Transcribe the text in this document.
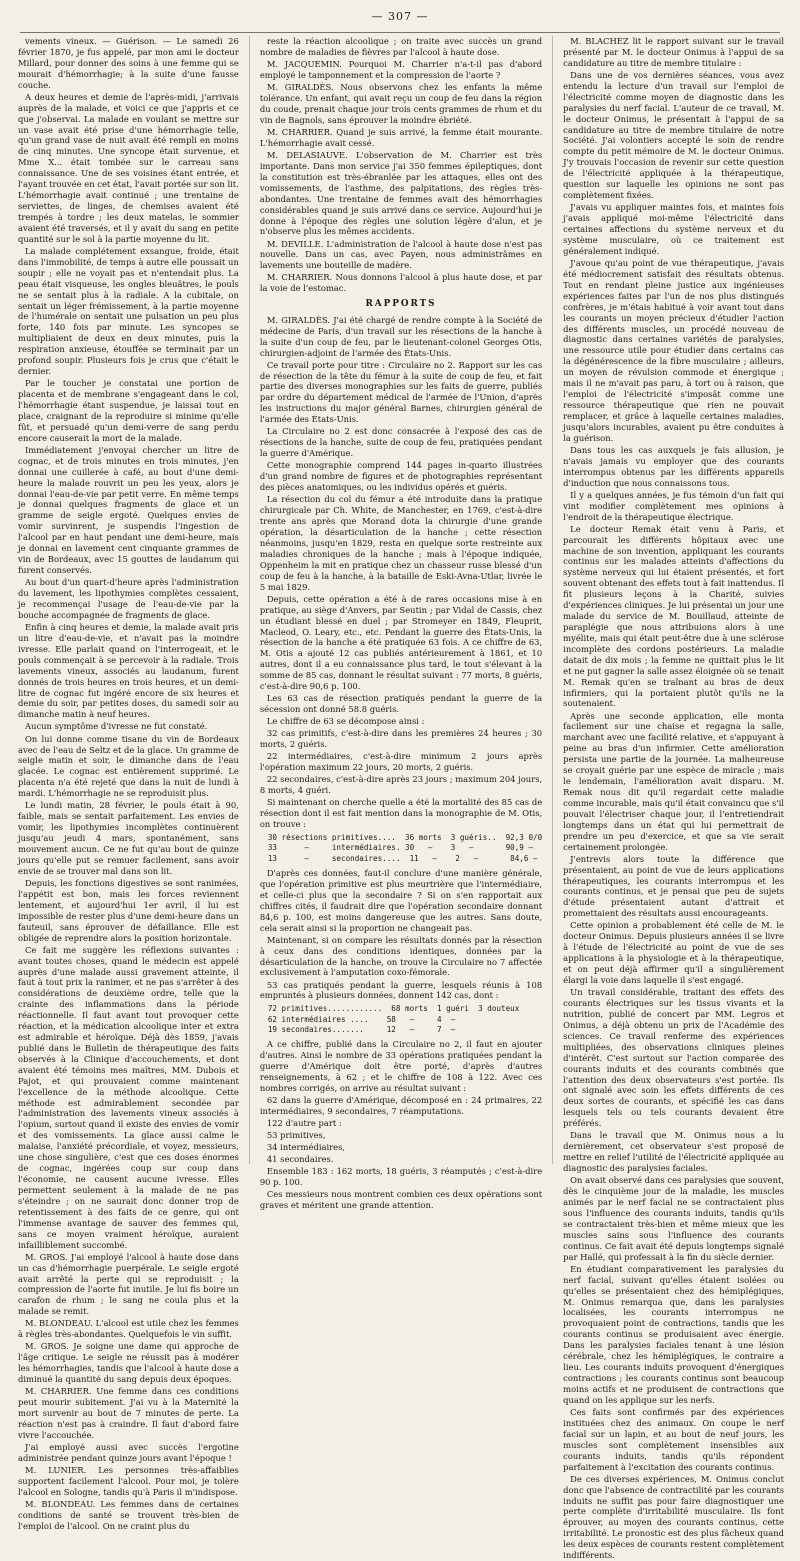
— 307 —

vements vineux. — Guérison. — Le samedi 26 février 1870, je fus appelé, par mon ami le docteur Millard, pour donner des soins à une femme qui se mourait d'hémorrhagie; à la suite d'une fausse couche.

A deux heures et demie de l'après-midi, j'arrivais auprès de la malade, et voici ce que j'appris et ce que j'observai. La malade en voulant se mettre sur un vase avait été prise d'une hémorrhagie telle, qu'un grand vase de nuit avait été rempli en moins de cinq minutes. Une syncope était survenue, et Mme X... était tombée sur le carreau sans connaissance. Une de ses voisines étant entrée, et l'ayant trouvée en cet état, l'avait portée sur son lit. L'hémorrhagie avait continué ; une trentaine de serviettes, de linges, de chemises avaient été trempés à tordre ; les deux matelas, le sommier avaient été traversés, et il y avait du sang en petite quantité sur le sol à la partie moyenne du lit.

La malade complétement exsangue, froide, était dans l'immobilité, de temps à autre elle poussait un soupir ; elle ne voyait pas et n'entendait plus. La peau était visqueuse, les ongles bleuâtres, le pouls ne se sentait plus à la radiale. A la cubitale, on sentait un léger frémissement, à la partie moyenne de l'humérale on sentait une pulsation un peu plus forte, 140 fois par minute. Les syncopes se multipliaient de deux en deux minutes, puis la respiration anxieuse, étouffée se terminait par un profond soupir. Plusieurs fois je crus que c'était le dernier.

Par le toucher je constatai une portion de placenta et de membrane s'engageant dans le col, l'hémorrhagie étant suspendue, je laissai tout en place, craignant de la reproduire si minime qu'elle fût, et persuadé qu'un demi-verre de sang perdu encore causerait la mort de la malade.

Immédiatement j'envoyai chercher un litre de cognac, et de trois minutes en trois minutes, j'en donnai une cuillerée à café, au bout d'une demi-heure la malade rouvrit un peu les yeux, alors je donnai l'eau-de-vie par petit verre. En même temps je donnai quelques fragments de glace et un gramme de seigle ergoté. Quelques envies de vomir survinrent, je suspendis l'ingestion de l'alcool par en haut pendant une demi-heure, mais je donnai en lavement cent cinquante grammes de vin de Bordeaux, avec 15 gouttes de laudanum qui furent conservés.

Au bout d'un quart-d'heure après l'administration du lavement, les lipothymies complètes cessaient, je recommençai l'usage de l'eau-de-vie par la bouche accompagnée de fragments de glace.

Enfin à cinq heures et demie, la malade avait pris un litre d'eau-de-vie, et n'avait pas la moindre ivresse. Elle parlait quand on l'interrogeait, et le pouls commençait à se percevoir à la radiale. Trois lavements vineux, associés au laudanum, furent donnés de trois heures en trois heures, et un demi-litre de cognac fut ingéré encore de six heures et demie du soir, par petites doses, du samedi soir au dimanche matin à neuf heures.

Aucun symptôme d'ivresse ne fut constaté.

On lui donne comme tisane du vin de Bordeaux avec de l'eau de Seltz et de la glace. Un gramme de seigle matin et soir, le dimanche dans de l'eau glacée. Le cognac est entièrement supprimé. Le placenta n'a été rejeté que dans la nuit de lundi à mardi. L'hémorrhagie ne se reproduisit plus.

Le lundi matin, 28 février, le pouls était à 90, faible, mais se sentait parfaitement. Les envies de vomir, les lipothymies incomplètes continuèrent jusqu'au jeudi 4 mars, spontanément, sans mouvement aucun. Ce ne fut qu'au bout de quinze jours qu'elle put se remuer facilement, sans avoir envie de se trouver mal dans son lit.

Depuis, les fonctions digestives se sont ranimées, l'appétit est bon, mais les forces reviennent lentement, et aujourd'hui 1er avril, il lui est impossible de rester plus d'une demi-heure dans un fauteuil, sans éprouver de défaillance. Elle est obligée de reprendre alors la position horizontale.

Ce fait me suggère les réflexions suivantes : avant toutes choses, quand le médecin est appelé auprès d'une malade aussi gravement atteinte, il faut à tout prix la ranimer, et ne pas s'arrêter à des considérations de deuxième ordre, telle que la crainte des inflammations dans la période réactionnelle. Il faut avant tout provoquer cette réaction, et la médication alcoolique inter et extra est admirable et héroïque. Déjà dès 1859, j'avais publié dans le Bulletin de thérapeutique des faits observés à la Clinique d'accouchements, et dont avaient été témoins mes maîtres, MM. Dubois et Pajot, et qui prouvaient comme maintenant l'excellence de la méthode alcoolique. Cette méthode est admirablement secondée par l'administration des lavements vineux associés à l'opium, surtout quand il existe des envies de vomir et des vomissements. La glace aussi calme le malaise, l'anxiété précordiale, et voyez, messieurs, une chose singulière, c'est que ces doses énormes de cognac, ingérées coup sur coup dans l'économie, ne causent aucune ivresse. Elles permettent seulement à la malade de ne pas s'éteindre ; on ne saurait donc donner trop de retentissement à des faits de ce genre, qui ont l'immense avantage de sauver des femmes qui, sans ce moyen vraiment héroïque, auraient infailliblement succombé.

M. GROS. J'ai employé l'alcool à haute dose dans un cas d'hémorrhagie puerpérale. Le seigle ergoté avait arrêté la perte qui se reproduisit ; la compression de l'aorte fut inutile. Je lui fis boire un carafon de rhum ; le sang ne coula plus et la malade se remit.

M. BLONDEAU. L'alcool est utile chez les femmes à règles très-abondantes. Quelquefois le vin suffit.

M. GROS. Je soigne une dame qui approche de l'âge critique. Le seigle ne réussit pas à modérer les hémorrhagies, tandis que l'alcool à haute dose a diminué la quantité du sang depuis deux époques.

M. CHARRIER. Une femme dans ces conditions peut mourir subitement. J'ai vu à la Maternité la mort survenir au bout de 7 minutes de perte. La réaction n'est pas à craindre. Il faut d'abord faire vivre l'accouchée.

J'ai employé aussi avec succès l'ergotine administrée pendant quinze jours avant l'époque !

M. LUNIER. Les personnes très-affaiblies supportent facilement l'alcool. Pour moi, je tolère l'alcool en Sologne, tandis qu'à Paris il m'indispose.

M. BLONDEAU. Les femmes dans de certaines conditions de santé se trouvent très-bien de l'emploi de l'alcool. On ne craint plus du

reste la réaction alcoolique ; on traite avec succès un grand nombre de maladies de fièvres par l'alcool à haute dose.

M. JACQUEMIN. Pourquoi M. Charrier n'a-t-il pas d'abord employé le tamponnement et la compression de l'aorte ?

M. GIRALDÈS. Nous observons chez les enfants la même tolérance. Un enfant, qui avait reçu un coup de feu dans la région du coude, prenait chaque jour trois cents grammes de rhum et du vin de Bagnols, sans éprouver la moindre ébriété.

M. CHARRIER. Quand je suis arrivé, la femme était mourante. L'hémorrhagie avait cessé.

M. DELASIAUVE. L'observation de M. Charrier est très importante. Dans mon service j'ai 350 femmes épileptiques, dont la constitution est très-ébranlée par les attaques, elles ont des vomissements, de l'asthme, des palpitations, des règles très-abondantes. Une trentaine de femmes avait des hémorrhagies considérables quand je suis arrivé dans ce service. Aujourd'hui je donne à l'époque des règles une solution légère d'alun, et je n'observe plus les mêmes accidents.

M. DEVILLE. L'administration de l'alcool à haute dose n'est pas nouvelle. Dans un cas, avec Payen, nous administrâmes en lavements une bouteille de madère.

M. CHARRIER. Nous donnons l'alcool à plus haute dose, et par la voie de l'estomac.

RAPPORTS

M. GIRALDÈS. J'ai été chargé de rendre compte à la Société de médecine de Paris, d'un travail sur les résections de la hanche à la suite d'un coup de feu, par le lieutenant-colonel Georges Otis, chirurgien-adjoint de l'armée des États-Unis.

Ce travail porte pour titre : Circulaire no 2. Rapport sur les cas de résection de la tête du fémur à la suite de coup de feu, et fait partie des diverses monographies sur les faits de guerre, publiés par ordre du département médical de l'armée de l'Union, d'après les instructions du major général Barnes, chirurgien général de l'armée des États-Unis.

La Circulaire no 2 est donc consacrée à l'exposé des cas de résections de la hanche, suite de coup de feu, pratiquées pendant la guerre d'Amérique.

Cette monographie comprend 144 pages in-quarto illustrées d'un grand nombre de figures et de photographies représentant des pièces anatomiques, ou les individus opérés et guéris.

La résection du col du fémur a été introduite dans la pratique chirurgicale par Ch. White, de Manchester, en 1769, c'est-à-dire trente ans après que Morand dota la chirurgie d'une grande opération, la désarticulation de la hanche ; cette résection néanmoins, jusqu'en 1829, resta en quelque sorte restreinte aux maladies chroniques de la hanche ; mais à l'époque indiquée, Oppenheim la mit en pratique chez un chasseur russe blessé d'un coup de feu à la hanche, à la bataille de Eski-Avna-Utlar, livrée le 5 mai 1829.

Depuis, cette opération a été à de rares occasions mise à en pratique, au siège d'Anvers, par Seutin ; par Vidal de Cassis, chez un étudiant blessé en duel ; par Stromeyer en 1849, Fleuprit, Macleod, O. Leary, etc., etc. Pendant la guerre des États-Unis, la résection de la hanche a été pratiquée 63 fois. A ce chiffre de 63, M. Otis a ajouté 12 cas publiés antérieurement à 1861, et 10 autres, dont il a eu connaissance plus tard, le tout s'élevant à la somme de 85 cas, donnant le résultat suivant : 77 morts, 8 guéris, c'est-à-dire 90,6 p. 100.

Les 63 cas de résection pratiqués pendant la guerre de la sécession ont donné 58.8 guéris.

Le chiffre de 63 se décompose ainsi :

32 cas primitifs, c'est-à-dire dans les premières 24 heures ; 30 morts, 2 guéris.

22 intermédiaires, c'est-à-dire minimum 2 jours après l'opération maximum 22 jours, 20 morts, 2 guéris.

22 secondaires, c'est-à-dire après 23 jours ; maximum 204 jours, 8 morts, 4 guéri.

Si maintenant on cherche quelle a été la mortalité des 85 cas de résection dont il est fait mention dans la monographie de M. Otis, on trouve :

30 résections primitives....  36 morts  3 guéris..  92,3 0/0
33      —     intermédiaires. 30   —    3   —       90,9 —
13      —     secondaires....  11   —    2   —       84,6 —

D'après ces données, faut-il conclure d'une manière générale, que l'opération primitive est plus meurtrière que l'intermédiaire, et celle-ci plus que la secondaire ? Si on s'en rapportait aux chiffres cités, il faudrait dire que l'opération secondaire donnant 84,6 p. 100, est moins dangereuse que les autres. Sans doute, cela serait ainsi si la proportion ne changeait pas.

Maintenant, si on compare les résultats donnés par la résection à ceux dans des conditions identiques, données par la désarticulation de la hanche, on trouve la Circulaire no 7 affectée exclusivement à l'amputation coxo-fémorale.

53 cas pratiqués pendant la guerre, lesquels réunis à 108 empruntés à plusieurs données, donnent 142 cas, dont :

72 primitives............  68 morts  1 guéri  3 douteux
62 intermédiaires ....    58   —     4  —
19 secondaires.......     12   —     7  —

A ce chiffre, publié dans la Circulaire no 2, il faut en ajouter d'autres. Ainsi le nombre de 33 opérations pratiquées pendant la guerre d'Amérique doit être porté, d'après d'autres renseignements, à 62 ; et le chiffre de 108 à 122. Avec ces nombres corrigés, on arrive au résultat suivant :

62 dans la guerre d'Amérique, décomposé en : 24 primaires, 22 intermédiaires, 9 secondaires, 7 réamputations.

122 d'autre part :

53 primitives,

34 intermédiaires,

41 secondaires.

Ensemble 183 : 162 morts, 18 guéris, 3 réamputés ; c'est-à-dire 90 p. 100.

Ces messieurs nous montrent combien ces deux opérations sont graves et méritent une grande attention.

M. BLACHEZ lit le rapport suivant sur le travail présenté par M. le docteur Onimus à l'appui de sa candidature au titre de membre titulaire :

Dans une de vos dernières séances, vous avez entendu la lecture d'un travail sur l'emploi de l'électricité comme moyen de diagnostic dans les paralysies du nerf facial. L'auteur de ce travail, M. le docteur Onimus, le présentait à l'appui de sa candidature au titre de membre titulaire de notre Société. J'ai volontiers accepté le soin de rendre compte du petit mémoire de M. le docteur Onimus. J'y trouvais l'occasion de revenir sur cette question de l'électricité appliquée à la thérapeutique, question sur laquelle les opinions ne sont pas complètement fixées.

J'avais vu appliquer maintes fois, et maintes fois j'avais appliqué moi-même l'électricité dans certaines affections du système nerveux et du système musculaire, où ce traitement est généralement indiqué.

J'avoue qu'au point de vue thérapeutique, j'avais été médiocrement satisfait des résultats obtenus. Tout en rendant pleine justice aux ingénieuses expériences faites par l'un de nos plus distingués confrères, je m'étais habitué à voir avant tout dans les courants un moyen précieux d'étudier l'action des différents muscles, un procédé nouveau de diagnostic dans certaines variétés de paralysies, une ressource utile pour étudier dans certains cas la dégénérescence de la fibre musculaire ; ailleurs, un moyen de révulsion commode et énergique ; mais il ne m'avait pas paru, à tort ou à raison, que l'emploi de l'électricité s'imposât comme une ressource thérapeutique que rien ne pouvait remplacer, et grâce à laquelle certaines maladies, jusqu'alors incurables, avaient pu être conduites à la guérison.

Dans tous les cas auxquels je fais allusion, je n'avais jamais vu employer que des courants interrompus obtenus par les différents appareils d'induction que nous connaissons tous.

Il y a quelques années, je fus témoin d'un fait qui vint modifier complètement mes opinions à l'endroit de la thérapeutique électrique.

Le docteur Remak était venu à Paris, et parcourait les différents hôpitaux avec une machine de son invention, appliquant les courants continus sur les malades atteints d'affections du système nerveux qui lui étaient présentés, et fort souvent obtenant des effets tout à fait inattendus. Il fit plusieurs leçons à la Charité, suivies d'expériences cliniques. Je lui présentai un jour une malade du service de M. Bouillaud, atteinte de paraplégie que nous attribuions alors à une myélite, mais qui était peut-être due à une sclérose incomplète des cordons postérieurs. La maladie datait de dix mois ; la femme ne quittait plus le lit et ne put gagner la salle assez éloignée où se tenait M. Remak qu'en se traînant au bras de deux infirmiers, qui la portaient plutôt qu'ils ne la soutenaient.

Après une seconde application, elle monta facilement sur une chaise et regagna la salle, marchant avec une facilité relative, et s'appuyant à peine au bras d'un infirmier. Cette amélioration persista une partie de la journée. La malheureuse se croyait guérie par une espèce de miracle ; mais le lendemain, l'amélioration avait disparu. M. Remak nous dit qu'il regardait cette maladie comme incurable, mais qu'il était convaincu que s'il pouvait l'électriser chaque jour, il l'entretiendrait longtemps dans un état qui lui permettrait de prendre un peu d'exercice, et que sa vie serait certainement prolongée.

J'entrevis alors toute la différence que présentaient, au point de vue de leurs applications thérapeutiques, les courants interrompus et les courants continus, et je pensai que peu de sujets d'étude présentaient autant d'attrait et promettaient des résultats aussi encourageants.

Cette opinion a probablement été celle de M. le docteur Onimus. Depuis plusieurs années il se livre à l'étude de l'électricité au point de vue de ses applications à la physiologie et à la thérapeutique, et on peut déjà affirmer qu'il a singulièrement élargi la voie dans laquelle il s'est engagé.

Un travail considérable, traitant des effets des courants électriques sur les tissus vivants et la nutrition, publié de concert par MM. Legros et Onimus, a déjà obtenu un prix de l'Académie des sciences. Ce travail renferme des expériences multipliées, des observations cliniques pleines d'intérêt. C'est surtout sur l'action comparée des courants induits et des courants combinés que l'attention des deux observateurs s'est portée. Ils ont signalé avec soin les effets différents de ces deux sortes de courants, et spécifié les cas dans lesquels tels ou tels courants devaient être préférés.

Dans le travail que M. Onimus nous a lu dernièrement, cet observateur s'est proposé de mettre en relief l'utilité de l'électricité appliquée au diagnostic des paralysies faciales.

On avait observé dans ces paralysies que souvent, dès le cinquième jour de la maladie, les muscles animés par le nerf facial ne se contractaient plus sous l'influence des courants induits, tandis qu'ils se contractaient très-bien et même mieux que les muscles sains sous l'influence des courants continus. Ce fait avait été depuis longtemps signalé par Hallé, qui professait à la fin du siècle dernier.

En étudiant comparativement les paralysies du nerf facial, suivant qu'elles étaient isolées ou qu'elles se présentaient chez des hémiplégiques, M. Onimus remarqua que, dans les paralysies localisées, les courants interrompus ne provoquaient point de contractions, tandis que les courants continus se produisaient avec énergie. Dans les paralysies faciales tenant à une lésion cérébrale, chez les hémiplégiques, le contraire a lieu. Les courants induits provoquent d'énergiques contractions ; les courants continus sont beaucoup moins actifs et ne produisent de contractions que quand on les applique sur les nerfs.

Ces faits sont confirmés par des expériences instituées chez des animaux. On coupe le nerf facial sur un lapin, et au bout de neuf jours, les muscles sont complètement insensibles aux courants induits, tandis qu'ils répondent parfaitement à l'excitation des courants continus.

De ces diverses expériences, M. Onimus conclut donc que l'absence de contractilité par les courants induits ne suffit pas pour faire diagnostiquer une perte complète d'irritabilité musculaire. Ils font éprouver, au moyen des courants continus, cette irritabilité. Le pronostic est des plus fâcheux quand les deux espèces de courants restent complètement indifférents.
